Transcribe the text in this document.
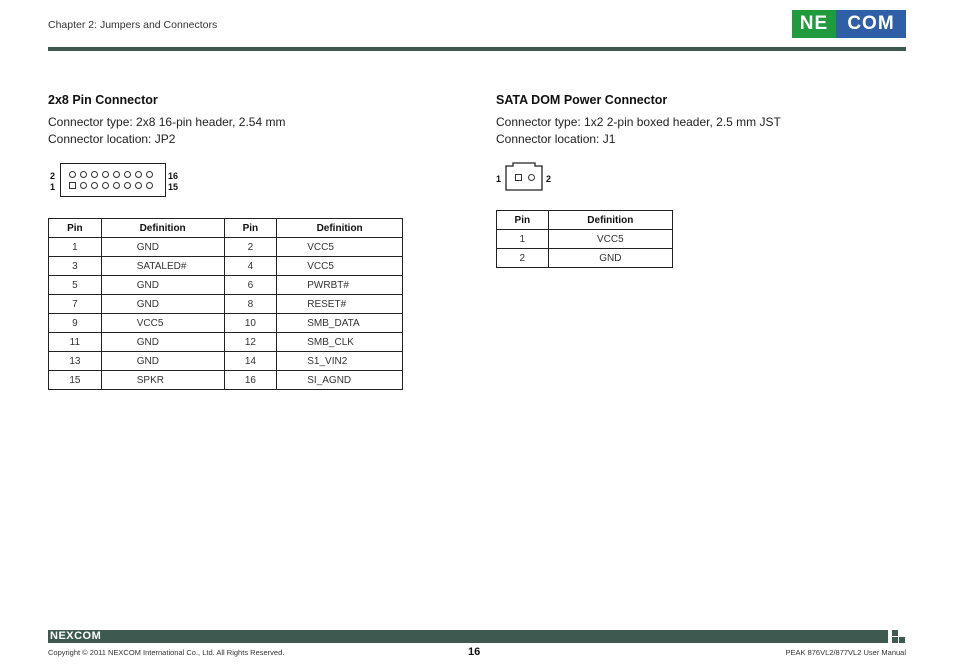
Chapter 2: Jumpers and Connectors	NE	COM
2x8 Pin Connector
Connector type: 2x8 16-pin header, 2.54 mm
Connector location: JP2
2
1
16
15
Pin	Definition	Pin	Definition
1	GND	2	VCC5
3	SATALED#	4	VCC5
5	GND	6	PWRBT#
7	GND	8	RESET#
9	VCC5	10	SMB_DATA
11	GND	12	SMB_CLK
13	GND	14	S1_VIN2
15	SPKR	16	SI_AGND
SATA DOM Power Connector
Connector type: 1x2 2-pin boxed header, 2.5 mm JST
Connector location: J1
1	2
Pin	Definition
1	VCC5
2	GND
NEXCOM
Copyright © 2011 NEXCOM International Co., Ltd. All Rights Reserved.	16	PEAK 876VL2/877VL2 User Manual
